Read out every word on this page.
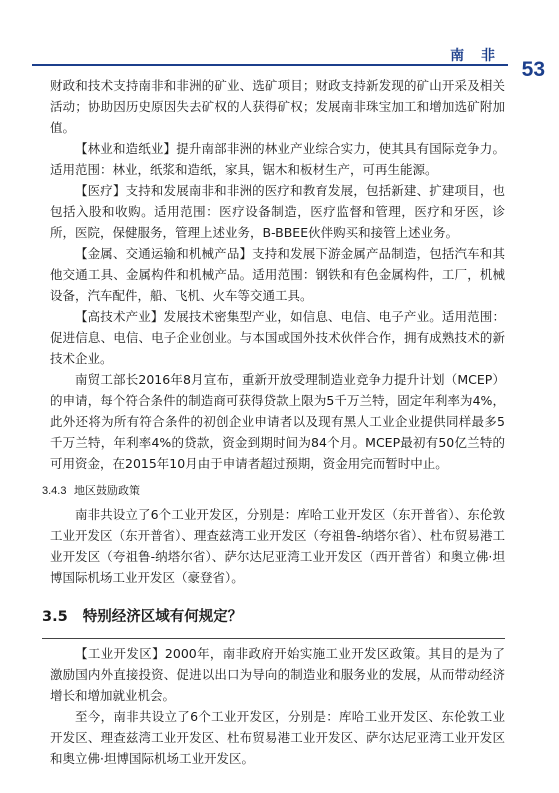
南 非
53

财政和技术支持南非和非洲的矿业、选矿项目；财政支持新发现的矿山开采及相关活动；协助因历史原因失去矿权的人获得矿权；发展南非珠宝加工和增加选矿附加值。

【林业和造纸业】提升南部非洲的林业产业综合实力，使其具有国际竞争力。适用范围：林业，纸浆和造纸，家具，锯木和板材生产，可再生能源。

【医疗】支持和发展南非和非洲的医疗和教育发展，包括新建、扩建项目，也包括入股和收购。适用范围：医疗设备制造，医疗监督和管理，医疗和牙医，诊所，医院，保健服务，管理上述业务，B-BBEE伙伴购买和接管上述业务。

【金属、交通运输和机械产品】支持和发展下游金属产品制造，包括汽车和其他交通工具、金属构件和机械产品。适用范围：钢铁和有色金属构件，工厂，机械设备，汽车配件，船、飞机、火车等交通工具。

【高技术产业】发展技术密集型产业，如信息、电信、电子产业。适用范围：促进信息、电信、电子企业创业。与本国或国外技术伙伴合作，拥有成熟技术的新技术企业。

南贸工部长2016年8月宣布，重新开放受理制造业竞争力提升计划（MCEP）的申请，每个符合条件的制造商可获得贷款上限为5千万兰特，固定年利率为4%，此外还将为所有符合条件的初创企业申请者以及现有黑人工业企业提供同样最多5千万兰特，年利率4%的贷款，资金到期时间为84个月。MCEP最初有50亿兰特的可用资金，在2015年10月由于申请者超过预期，资金用完而暂时中止。

3.4.3 地区鼓励政策

南非共设立了6个工业开发区，分别是：库哈工业开发区（东开普省）、东伦敦工业开发区（东开普省）、理查兹湾工业开发区（夸祖鲁-纳塔尔省）、杜布贸易港工业开发区（夸祖鲁-纳塔尔省）、萨尔达尼亚湾工业开发区（西开普省）和奥立佛·坦博国际机场工业开发区（豪登省）。

3.5 特别经济区域有何规定？

【工业开发区】2000年，南非政府开始实施工业开发区政策。其目的是为了激励国内外直接投资、促进以出口为导向的制造业和服务业的发展，从而带动经济增长和增加就业机会。

至今，南非共设立了6个工业开发区，分别是：库哈工业开发区、东伦敦工业开发区、理查兹湾工业开发区、杜布贸易港工业开发区、萨尔达尼亚湾工业开发区和奥立佛·坦博国际机场工业开发区。
